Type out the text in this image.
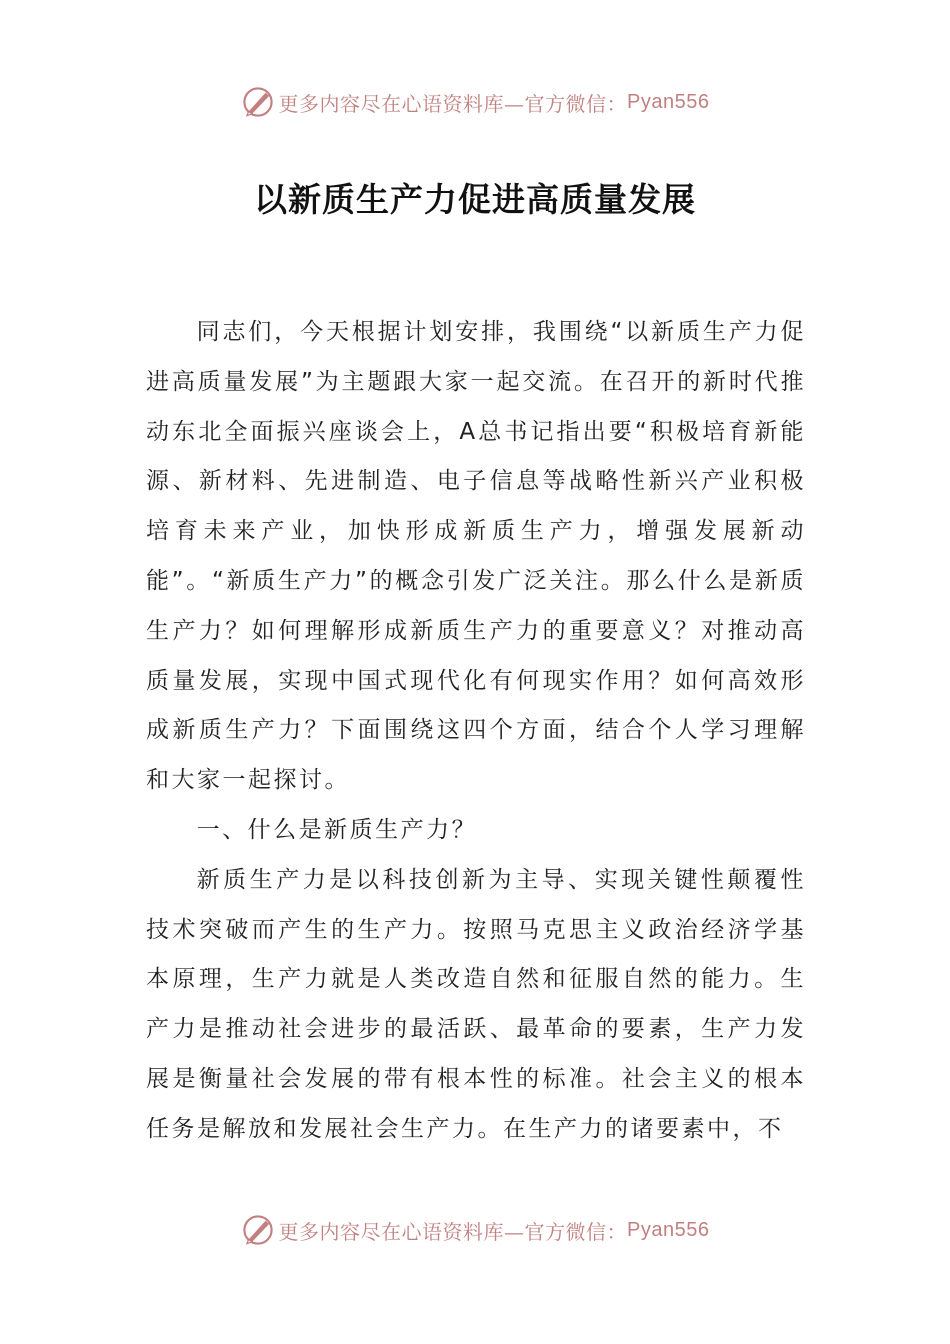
更多内容尽在心语资料库—官方微信： Pyan556
以新质生产力促进高质量发展

同志们，今天根据计划安排，我围绕“以新质生产力促进高质量发展”为主题跟大家一起交流。在召开的新时代推动东北全面振兴座谈会上，A总书记指出要“积极培育新能源、新材料、先进制造、电子信息等战略性新兴产业积极培育未来产业，加快形成新质生产力，增强发展新动能”。“新质生产力”的概念引发广泛关注。那么什么是新质生产力？如何理解形成新质生产力的重要意义？对推动高质量发展，实现中国式现代化有何现实作用？如何高效形成新质生产力？下面围绕这四个方面，结合个人学习理解和大家一起探讨。

一、什么是新质生产力？

新质生产力是以科技创新为主导、实现关键性颠覆性技术突破而产生的生产力。按照马克思主义政治经济学基本原理，生产力就是人类改造自然和征服自然的能力。生产力是推动社会进步的最活跃、最革命的要素，生产力发展是衡量社会发展的带有根本性的标准。社会主义的根本任务是解放和发展社会生产力。在生产力的诸要素中，不

更多内容尽在心语资料库—官方微信： Pyan556
